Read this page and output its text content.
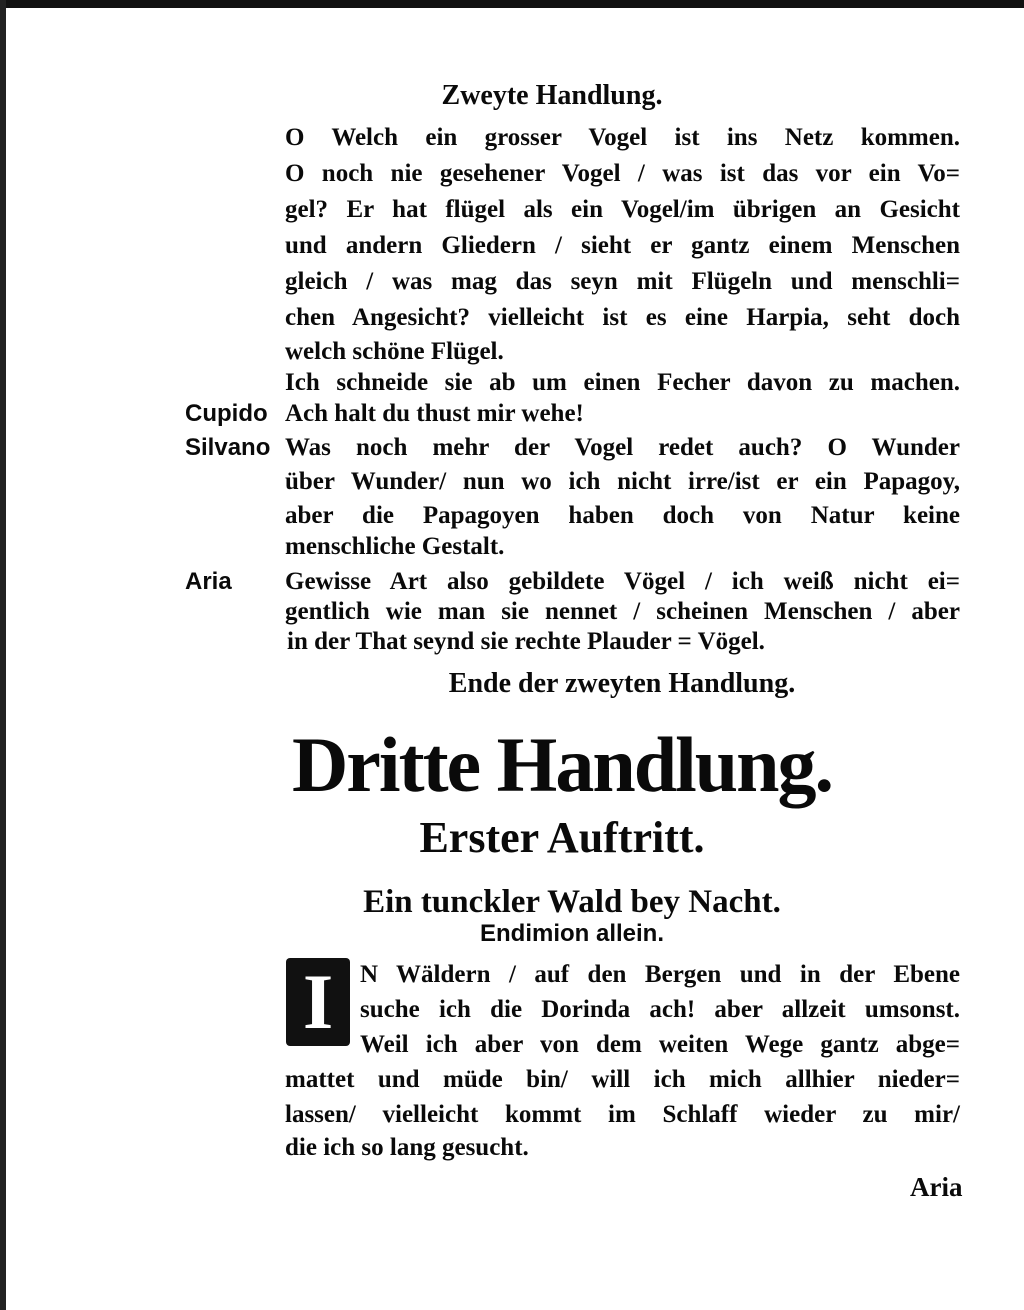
Zweyte Handlung.
O Welch ein grosser Vogel ist ins Netz kommen.
O noch nie gesehener Vogel / was ist das vor ein Vo=
gel? Er hat flügel als ein Vogel/im übrigen an Gesicht
und andern Gliedern / sieht er gantz einem Menschen
gleich / was mag das seyn mit Flügeln und menschli=
chen Angesicht? vielleicht ist es eine Harpia, seht doch
welch schöne Flügel.
Ich schneide sie ab um einen Fecher davon zu machen.
Cupido Ach halt du thust mir wehe!
Silvano Was noch mehr der Vogel redet auch? O Wunder
über Wunder/ nun wo ich nicht irre/ist er ein Papagoy,
aber die Papagoyen haben doch von Natur keine
menschliche Gestalt.
Aria Gewisse Art also gebildete Vögel / ich weiß nicht ei=
gentlich wie man sie nennet / scheinen Menschen / aber
in der That seynd sie rechte Plauder = Vögel.
Ende der zweyten Handlung.
Dritte Handlung.
Erster Auftritt.
Ein tunckler Wald bey Nacht.
Endimion allein.
I	N Wäldern / auf den Bergen und in der Ebene
suche ich die Dorinda ach! aber allzeit umsonst.
Weil ich aber von dem weiten Wege gantz abge=
mattet und müde bin/ will ich mich allhier nieder=
lassen/ vielleicht kommt im Schlaff wieder zu mir/
die ich so lang gesucht.
Aria
